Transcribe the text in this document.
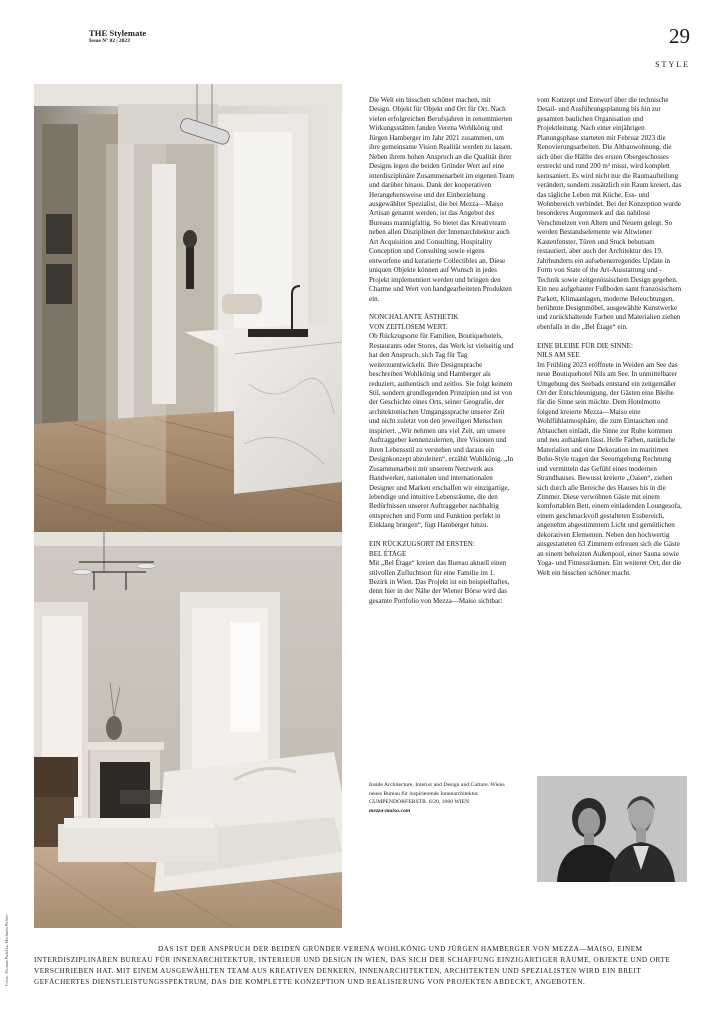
THE Stylemate
Issue Nº 02 | 2023	29
STYLE

Die Welt ein bisschen schöner machen, mit Design. Objekt für Objekt und Ort für Ort. Nach vielen erfolgreichen Berufsjahren in renommierten Wirkungsstätten fanden Verena Wohlkönig und Jürgen Hamberger im Jahr 2021 zusammen, um ihre gemeinsame Vision Realität werden zu lassen. Neben ihrem hohen Anspruch an die Qualität ihrer Designs legen die beiden Gründer Wert auf eine interdisziplinäre Zusammenarbeit im eigenen Team und darüber hinaus. Dank der kooperativen Herangehensweise und der Einbeziehung ausgewählter Spezialist, die bei Mezza—Maiso Artisan genannt werden, ist das Angebot des Bureaus mannigfaltig. So bietet das Kreativteam neben allen Disziplinen der Innenarchitektur auch Art Acquisition and Consulting, Hospitality Conception und Consulting sowie eigens entworfene und kuratierte Collectibles an. Diese uniquen Objekte können auf Wunsch in jedes Projekt implementiert werden und bringen den Charme und Wert von handgearbeiteten Produkten ein.

NONCHALANTE ÄSTHETIK
VON ZEITLOSEM WERT.

Ob Rückzugsorte für Familien, Boutiquehotels, Restaurants oder Stores, das Werk ist vielseitig und hat den Anspruch, sich Tag für Tag weiterzuentwickeln. Ihre Designsprache beschreiben Wohlkönig und Hamberger als reduziert, authentisch und zeitlos. Sie folgt keinem Stil, sondern grundlegenden Prinzipien und ist von der Geschichte eines Orts, seiner Geografie, der architektonischen Umgangssprache unserer Zeit und nicht zuletzt von den jeweiligen Menschen inspiriert. „Wir nehmen uns viel Zeit, um unsere Auftraggeber kennenzulernen, ihre Visionen und ihren Lebensstil zu verstehen und daraus ein Designkonzept abzuleiten“, erzählt Wohlkönig. „In Zusammenarbeit mit unserem Netzwerk aus Handwerker, nationalen und internationalen Designer und Marken erschaffen wir einzigartige, lebendige und intuitive Lebensräume, die den Bedürfnissen unserer Auftraggeber nachhaltig entsprechen und Form und Funktion perfekt in Einklang bringen“, fügt Hamberger hinzu.

EIN RÜCKZUGSORT IM ERSTEN:
BEL ÉTAGE

Mit „Bel Étage“ kreiert das Bureau aktuell einen stilvollen Zufluchtsort für eine Familie im 1. Bezirk in Wien. Das Projekt ist ein beispielhaftes, denn hier in der Nähe der Wiener Börse wird das gesamte Portfolio von Mezza—Maiso sichtbar:

vom Konzept und Entwurf über die technische Detail- und Ausführungsplanung bis hin zur gesamten baulichen Organisation und Projektleitung. Nach einer einjährigen Planungsphase starteten mit Februar 2023 die Renovierungsarbeiten. Die Altbauwohnung, die sich über die Hälfte des ersten Obergeschosses erstreckt und rund 200 m² misst, wird komplett kernsaniert. Es wird nicht nur die Raumaufteilung verändert, sondern zusätzlich ein Raum kreiert, das das tägliche Leben mit Küche, Ess- und Wohnbereich verbindet. Bei der Konzeption wurde besonderes Augenmerk auf das nahtlose Verschmelzen von Altem und Neuem gelegt. So werden Bestandselemente wie Altwiener Kastenfenster, Türen und Stuck behutsam restauriert, aber auch der Architektur des 19. Jahrhunderts ein aufsehenerregendes Update in Form von State of the Art-Ausstattung und -Technik sowie zeitgenössischem Design gegeben. Ein neu aufgebauter Fußboden samt französischem Parkett, Klimaanlagen, moderne Beleuchtungen, berühmte Designmöbel, ausgewählte Kunstwerke und zurückhaltende Farben und Materialien ziehen ebenfalls in die „Bel Étage“ ein.

EINE BLEIBE FÜR DIE SINNE:
NILS AM SEE

Im Frühling 2023 eröffnete in Weiden am See das neue Boutiquehotel Nils am See. In unmittelbarer Umgebung des Seebads entstand ein zeitgemäßer Ort der Entschleunigung, der Gästen eine Bleibe für die Sinne sein möchte. Dem Hotelmotto folgend kreierte Mezza—Maiso eine Wohlfühlatmosphäre, die zum Eintauchen und Abtauchen einlädt, die Sinne zur Ruhe kommen und neu auftanken lässt. Helle Farben, natürliche Materialien und eine Dekoration im maritimen Boho-Style tragen der Seeumgebung Rechnung und vermitteln das Gefühl eines modernen Strandhauses. Bewusst kreierte „Oasen“, ziehen sich durch alle Bereiche des Hauses bis in die Zimmer. Diese verwöhnen Gäste mit einem komfortablen Bett, einem einladenden Loungesofa, einem geschmackvoll gestalteten Essbereich, angenehm abgestimmtem Licht und gemütlichen dekorativen Elementen. Neben den hochwertig ausgestatteten 63 Zimmern erfreuen sich die Gäste an einem beheizten Außenpool, einer Sauna sowie Yoga- und Fitnessräumen. Ein weiterer Ort, der die Welt ein bisschen schöner macht.

Inside Architecture, Interior and Design and Culture. Wiens neues Bureau für inspirierende Innenarchitektur.

GUMPENDORFERSTR. 6/20, 1060 WIEN

mezza-maiso.com

Fotos: Thomas Pudelka, Michaela Pichler	DAS IST DER ANSPRUCH DER BEIDEN GRÜNDER VERENA WOHLKÖNIG UND JÜRGEN HAMBERGER VON MEZZA—MAISO, EINEM INTERDISZIPLINÄREN BUREAU FÜR INNENARCHITEKTUR, INTERIEUR UND DESIGN IN WIEN, DAS SICH DER SCHAFFUNG EINZIGARTIGER RÄUME, OBJEKTE UND ORTE VERSCHRIEBEN HAT. MIT EINEM AUSGEWÄHLTEN TEAM AUS KREATIVEN DENKERN, INNENARCHITEKTEN, ARCHITEKTEN UND SPEZIALISTEN WIRD EIN BREIT GEFÄCHERTES DIENSTLEISTUNGSSPEKTRUM, DAS DIE KOMPLETTE KONZEPTION UND REALISIERUNG VON PROJEKTEN ABDECKT, ANGEBOTEN.
